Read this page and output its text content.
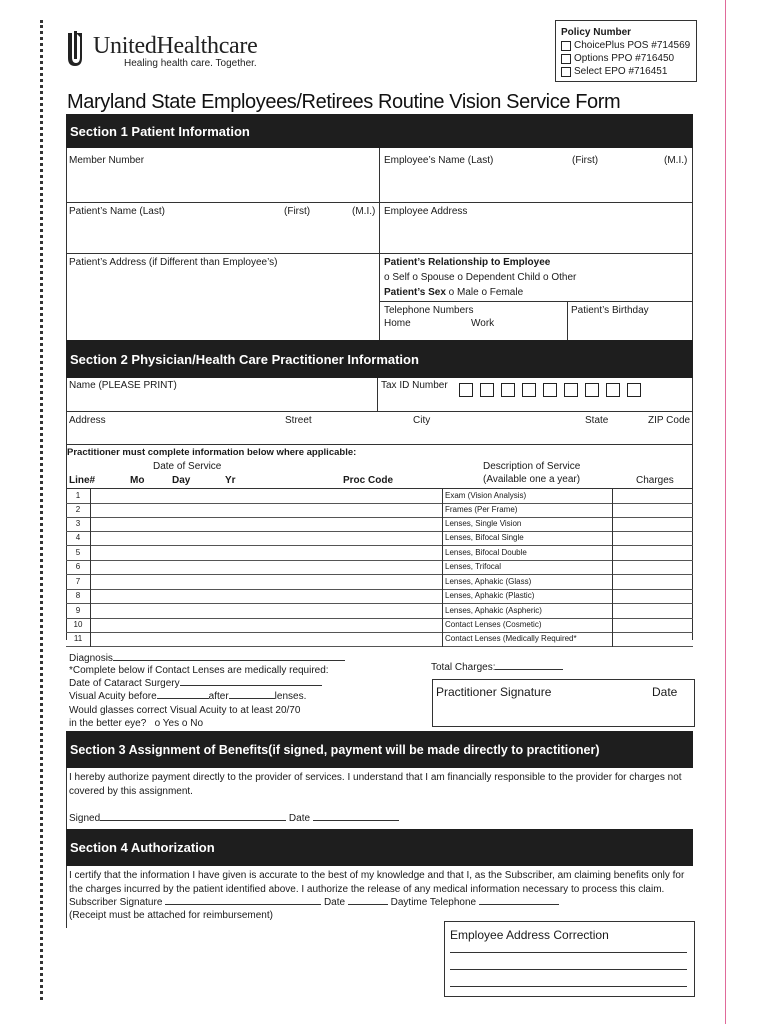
UnitedHealthcare
Healing health care. Together.
Policy Number
ChoicePlus POS #714569
Options PPO #716450
Select EPO #716451
Maryland State Employees/Retirees Routine Vision Service Form
Section 1 Patient Information
Member Number	Employee’s Name (Last)	(First)	(M.I.)
Patient’s Name (Last)	(First)	(M.I.) Employee Address
Patient’s Address (if Different than Employee’s)	Patient’s Relationship to Employee
o Self o Spouse o Dependent Child o Other
Patient’s Sex o Male o Female
Telephone Numbers
Home	Work
Patient’s Birthday
Section 2 Physician/Health Care Practitioner Information
Name (PLEASE PRINT)	Tax ID Number
Address	Street	City	State	ZIP Code
Practitioner must complete information below where applicable:
Date of Service	Description of Service
(Available one a year)
Line#	Mo	Day	Yr	Proc Code	Charges
1	Exam (Vision Analysis)
2	Frames (Per Frame)
3	Lenses, Single Vision
4	Lenses, Bifocal Single
5	Lenses, Bifocal Double
6	Lenses, Trifocal
7	Lenses, Aphakic (Glass)
8	Lenses, Aphakic (Plastic)
9	Lenses, Aphakic (Aspheric)
10	Contact Lenses (Cosmetic)
11	Contact Lenses (Medically Required*
Diagnosis
*Complete below if Contact Lenses are medically required:
Date of Cataract Surgery
Visual Acuity before	after	lenses.
Would glasses correct Visual Acuity to at least 20/70
in the better eye? o Yes o No
Total Charges:
Practitioner Signature	Date
Section 3 Assignment of Benefits(if signed, payment will be made directly to practitioner)
I hereby authorize payment directly to the provider of services. I understand that I am financially responsible to the provider for charges not covered by this assignment.
Signed	Date
Section 4 Authorization
I certify that the information I have given is accurate to the best of my knowledge and that I, as the Subscriber, am claiming benefits only for the charges incurred by the patient identified above. I authorize the release of any medical information necessary to process this claim.
Subscriber Signature	Date	Daytime Telephone
(Receipt must be attached for reimbursement)
Employee Address Correction
